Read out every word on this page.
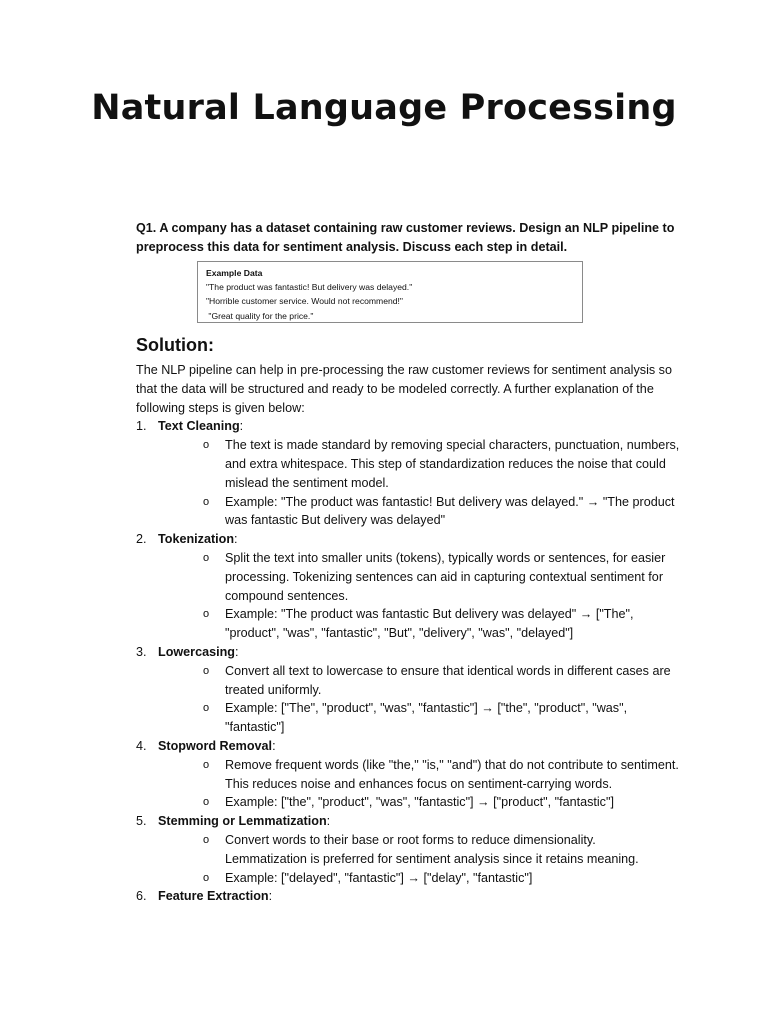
Natural Language Processing
Q1. A company has a dataset containing raw customer reviews. Design an NLP pipeline to preprocess this data for sentiment analysis. Discuss each step in detail.
Example Data
"The product was fantastic! But delivery was delayed."
"Horrible customer service. Would not recommend!"
"Great quality for the price."
Solution:

The NLP pipeline can help in pre-processing the raw customer reviews for sentiment analysis so that the data will be structured and ready to be modeled correctly. A further explanation of the following steps is given below:

1. Text Cleaning:
o The text is made standard by removing special characters, punctuation, numbers, and extra whitespace. This step of standardization reduces the noise that could mislead the sentiment model.
o Example: "The product was fantastic! But delivery was delayed." → "The product was fantastic But delivery was delayed"
2. Tokenization:
o Split the text into smaller units (tokens), typically words or sentences, for easier processing. Tokenizing sentences can aid in capturing contextual sentiment for compound sentences.
o Example: "The product was fantastic But delivery was delayed" → ["The", "product", "was", "fantastic", "But", "delivery", "was", "delayed"]
3. Lowercasing:
o Convert all text to lowercase to ensure that identical words in different cases are treated uniformly.
o Example: ["The", "product", "was", "fantastic"] → ["the", "product", "was", "fantastic"]
4. Stopword Removal:
o Remove frequent words (like "the," "is," "and") that do not contribute to sentiment. This reduces noise and enhances focus on sentiment-carrying words.
o Example: ["the", "product", "was", "fantastic"] → ["product", "fantastic"]
5. Stemming or Lemmatization:
o Convert words to their base or root forms to reduce dimensionality. Lemmatization is preferred for sentiment analysis since it retains meaning.
o Example: ["delayed", "fantastic"] → ["delay", "fantastic"]
6. Feature Extraction:
